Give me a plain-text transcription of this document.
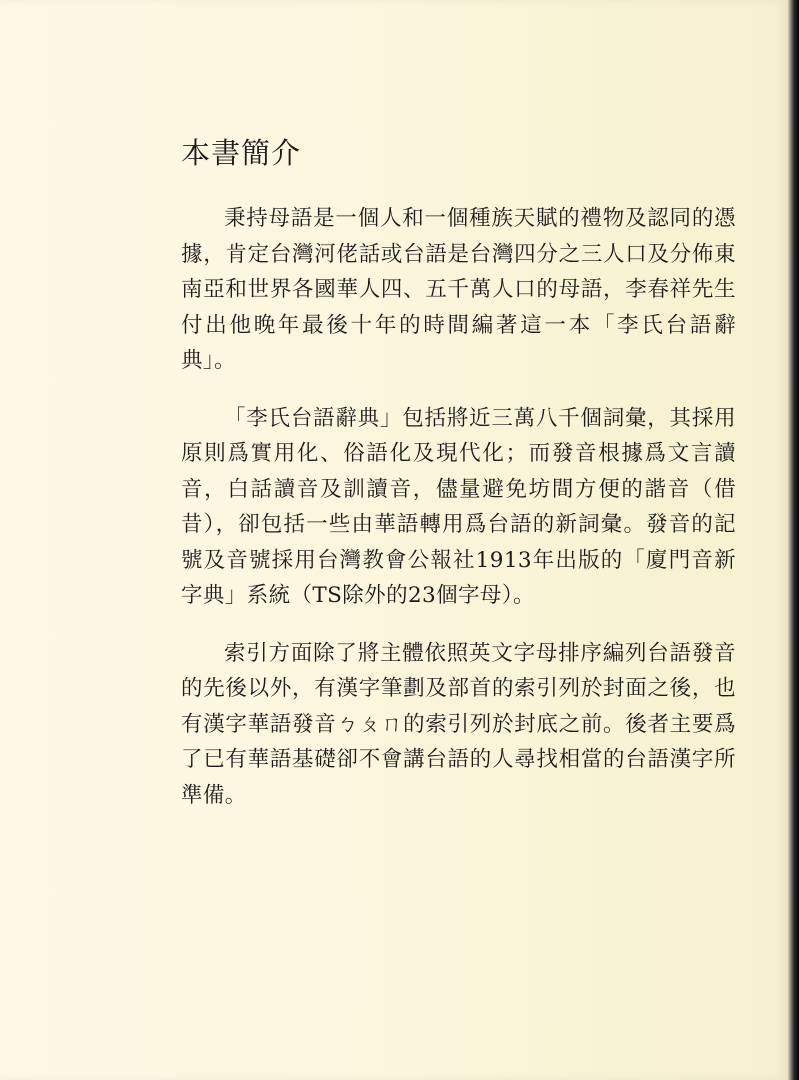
本書簡介

秉持母語是一個人和一個種族天賦的禮物及認同的憑據，肯定台灣河佬話或台語是台灣四分之三人口及分佈東南亞和世界各國華人四、五千萬人口的母語，李春祥先生付出他晚年最後十年的時間編著這一本「李氏台語辭典」。

「李氏台語辭典」包括將近三萬八千個詞彙，其採用原則爲實用化、俗語化及現代化；而發音根據爲文言讀音，白話讀音及訓讀音，儘量避免坊間方便的諧音（借昔），卻包括一些由華語轉用爲台語的新詞彙。發音的記號及音號採用台灣教會公報社1913年出版的「廈門音新字典」系統（TS除外的23個字母）。

索引方面除了將主體依照英文字母排序編列台語發音的先後以外，有漢字筆劃及部首的索引列於封面之後，也有漢字華語發音ㄅㄆㄇ的索引列於封底之前。後者主要爲了已有華語基礎卻不會講台語的人尋找相當的台語漢字所準備。
